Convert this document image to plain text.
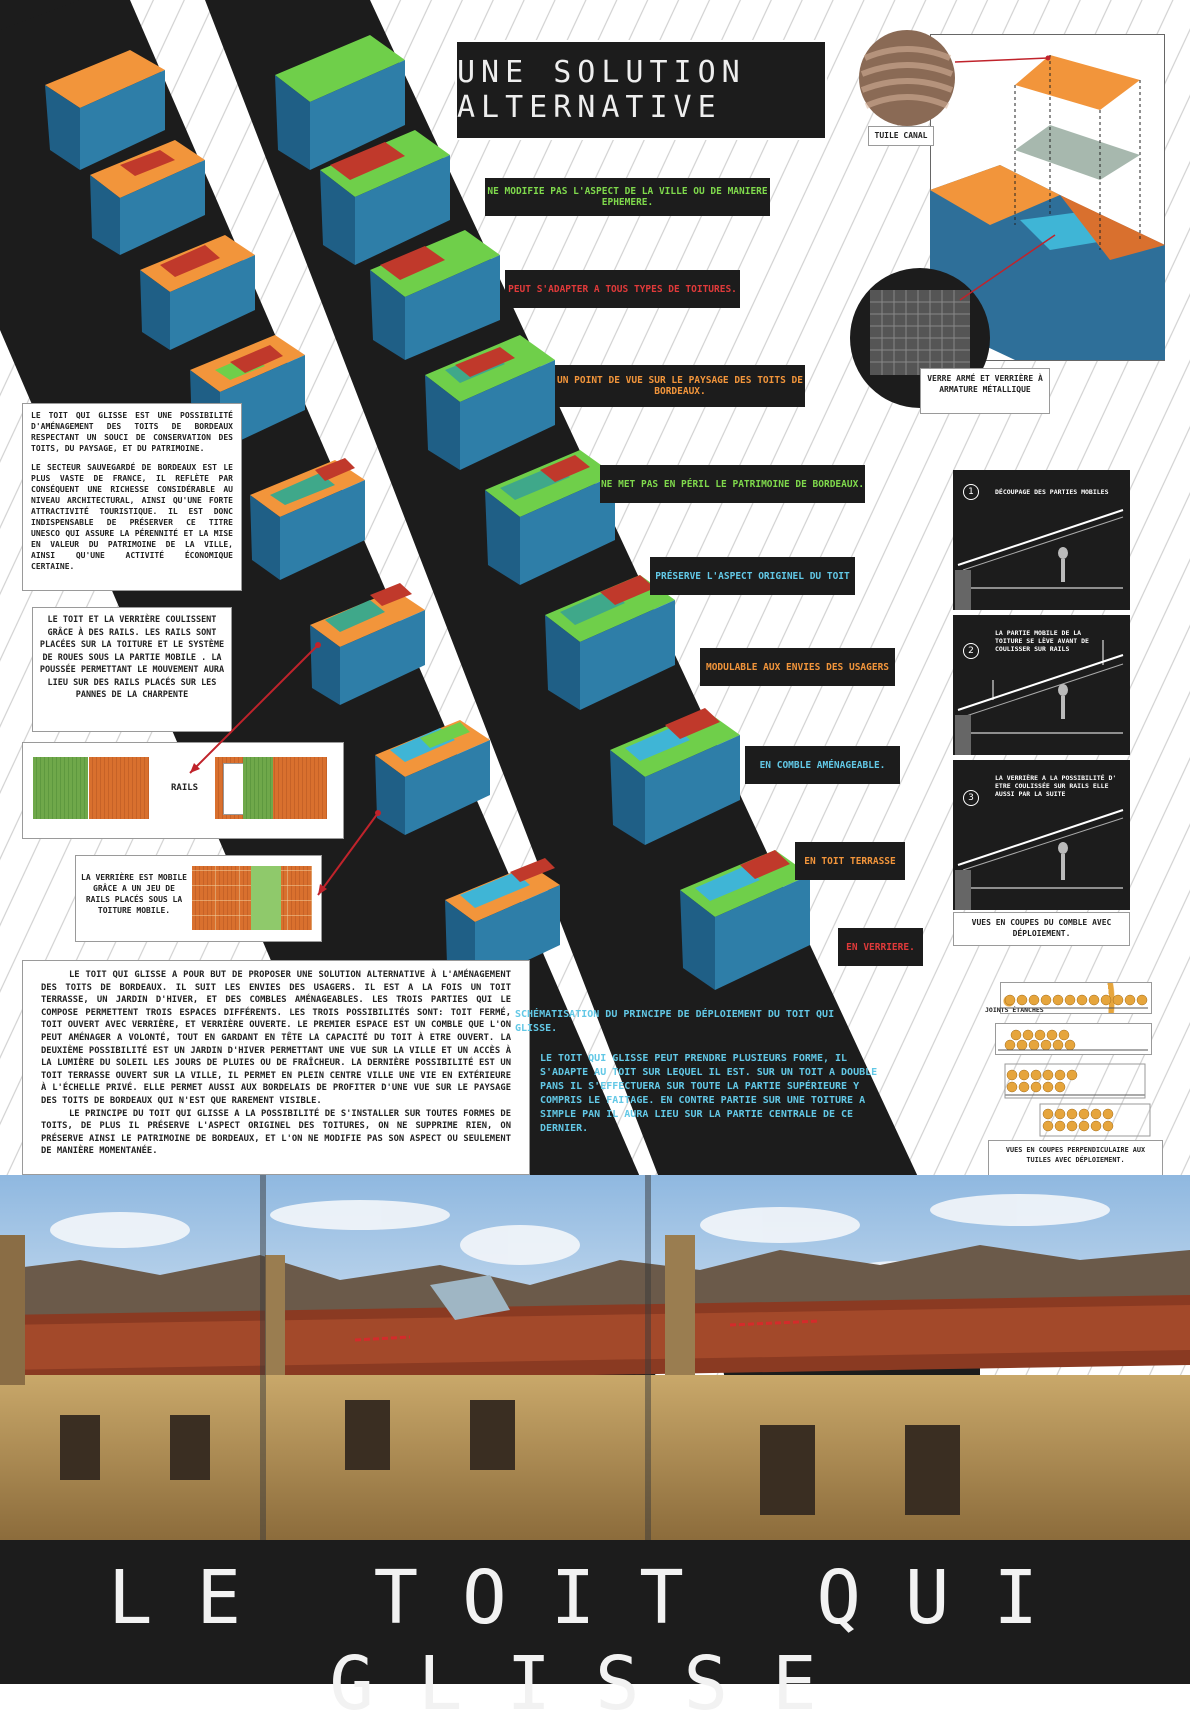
UNE SOLUTION ALTERNATIVE
NE MODIFIE PAS L'ASPECT DE LA VILLE OU DE MANIERE EPHEMERE.
PEUT S'ADAPTER A TOUS TYPES DE TOITURES.
UN POINT DE VUE SUR LE PAYSAGE DES TOITS DE BORDEAUX.
NE MET PAS EN PÉRIL LE PATRIMOINE DE BORDEAUX.
PRÉSERVE L'ASPECT ORIGINEL DU TOIT
MODULABLE AUX ENVIES DES USAGERS
EN COMBLE AMÉNAGEABLE.
EN TOIT TERRASSE
EN VERRIERE.

LE TOIT QUI GLISSE EST UNE POSSIBILITÉ D'AMÉNAGEMENT DES TOITS DE BORDEAUX RESPECTANT UN SOUCI DE CONSERVATION DES TOITS, DU PAYSAGE, ET DU PATRIMOINE.

LE SECTEUR SAUVEGARDÉ DE BORDEAUX EST LE PLUS VASTE DE FRANCE, IL REFLÈTE PAR CONSÉQUENT UNE RICHESSE CONSIDÉRABLE AU NIVEAU ARCHITECTURAL, AINSI QU'UNE FORTE ATTRACTIVITÉ TOURISTIQUE. IL EST DONC INDISPENSABLE DE PRÉSERVER CE TITRE UNESCO QUI ASSURE LA PÉRENNITÉ ET LA MISE EN VALEUR DU PATRIMOINE DE LA VILLE, AINSI QU'UNE ACTIVITÉ ÉCONOMIQUE CERTAINE.

LE TOIT ET LA VERRIÈRE COULISSENT GRÂCE À DES RAILS. LES RAILS SONT PLACÉES SUR LA TOITURE ET LE SYSTÈME DE ROUES SOUS LA PARTIE MOBILE . LA POUSSÉE PERMETTANT LE MOUVEMENT AURA LIEU SUR DES RAILS PLACÉS SUR LES PANNES DE LA CHARPENTE
RAILS
LA VERRIÈRE EST MOBILE GRÂCE A UN JEU DE RAILS PLACÉS SOUS LA TOITURE MOBILE.

LE TOIT QUI GLISSE A POUR BUT DE PROPOSER UNE SOLUTION ALTERNATIVE À L'AMÉNAGEMENT DES TOITS DE BORDEAUX. IL SUIT LES ENVIES DES USAGERS. IL EST A LA FOIS UN TOIT TERRASSE, UN JARDIN D'HIVER, ET DES COMBLES AMÉNAGEABLES. LES TROIS PARTIES QUI LE COMPOSE PERMETTENT TROIS ESPACES DIFFÉRENTS. LES TROIS POSSIBILITÉS SONT: TOIT FERMÉ, TOIT OUVERT AVEC VERRIÈRE, ET VERRIÈRE OUVERTE. LE PREMIER ESPACE EST UN COMBLE QUE L'ON PEUT AMÉNAGER A VOLONTÉ, TOUT EN GARDANT EN TÊTE LA CAPACITÉ DU TOIT À ETRE OUVERT. LA DEUXIÈME POSSIBILITÉ EST UN JARDIN D'HIVER PERMETTANT UNE VUE SUR LA VILLE ET UN ACCÈS À LA LUMIÈRE DU SOLEIL LES JOURS DE PLUIES OU DE FRAÎCHEUR. LA DERNIÈRE POSSIBILITÉ EST UN TOIT TERRASSE OUVERT SUR LA VILLE, IL PERMET EN PLEIN CENTRE VILLE UNE VIE EN EXTÉRIEURE À L'ÉCHELLE PRIVÉ. ELLE PERMET AUSSI AUX BORDELAIS DE PROFITER D'UNE VUE SUR LE PAYSAGE DES TOITS DE BORDEAUX QUI N'EST QUE RAREMENT VISIBLE.

LE PRINCIPE DU TOIT QUI GLISSE A LA POSSIBILITÉ DE S'INSTALLER SUR TOUTES FORMES DE TOITS, DE PLUS IL PRÉSERVE L'ASPECT ORIGINEL DES TOITURES, ON NE SUPPRIME RIEN, ON PRÉSERVE AINSI LE PATRIMOINE DE BORDEAUX, ET L'ON NE MODIFIE PAS SON ASPECT OU SEULEMENT DE MANIÈRE MOMENTANÉE.

SCHÉMATISATION DU PRINCIPE DE DÉPLOIEMENT DU TOIT QUI GLISSE.
LE TOIT QUI GLISSE PEUT PRENDRE PLUSIEURS FORME, IL S'ADAPTE AU TOIT SUR LEQUEL IL EST. SUR UN TOIT A DOUBLE PANS IL S'EFFECTUERA SUR TOUTE LA PARTIE SUPÉRIEURE Y COMPRIS LE FAITAGE. EN CONTRE PARTIE SUR UNE TOITURE A SIMPLE PAN IL AURA LIEU SUR LA PARTIE CENTRALE DE CE DERNIER.
TUILE CANAL
VERRE ARMÉ ET VERRIÈRE À ARMATURE MÉTALLIQUE
1	DÉCOUPAGE DES PARTIES MOBILES
2
LA PARTIE MOBILE DE LA TOITURE SE LÈVE AVANT DE COULISSER SUR RAILS
3
LA VERRIÈRE A LA POSSIBILITÉ D' ETRE COULISSÉE SUR RAILS ELLE AUSSI PAR LA SUITE
VUES EN COUPES DU COMBLE AVEC DÉPLOIEMENT.
JOINTS ÉTANCHES
VUES EN COUPES PERPENDICULAIRE AUX TUILES AVEC DÉPLOIEMENT.
LE TOIT QUI GLISSE
